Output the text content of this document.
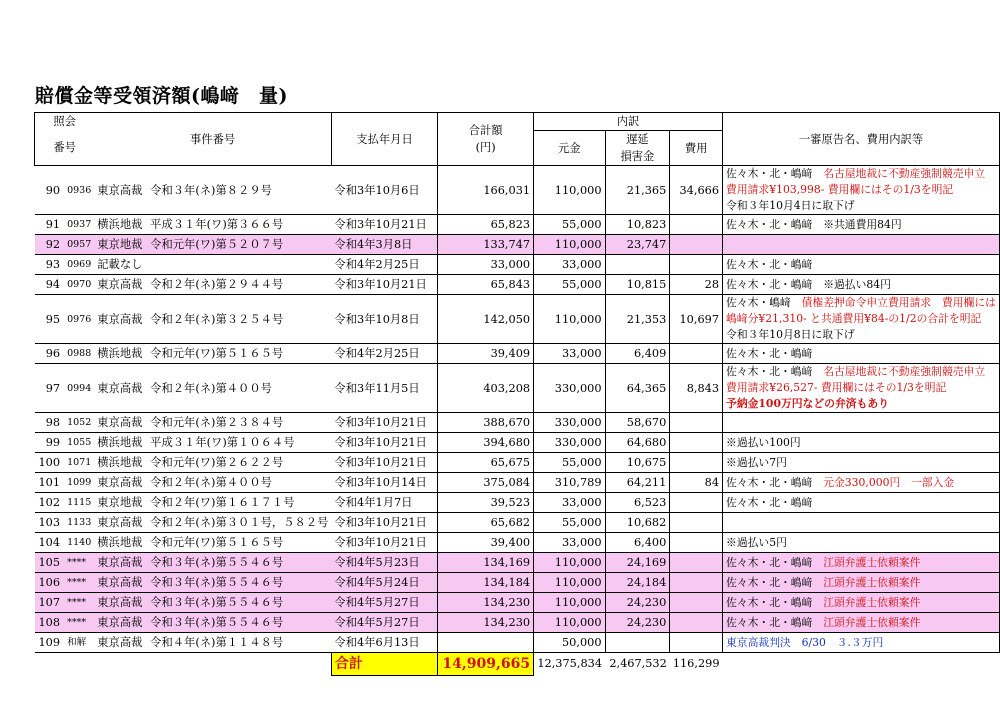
賠償金等受領済額(嶋﨑　量)
照会		事件番号		支払年月日	合計額
(円)	内訳			一審原告名、費用内訳等
番号						元金	遅延	費用	
							損害金		
90	0936	東京高裁	令和３年(ネ)第８２９号	令和3年10月6日	166,031	110,000	21,365	34,666	佐々木・北・嶋﨑　名古屋地裁に不動産強制競売申立
費用請求¥103,998- 費用欄にはその1/3を明記
令和３年10月4日に取下げ

91	0937	横浜地裁	平成３１年(ワ)第３６６号	令和3年10月21日	65,823	55,000	10,823		佐々木・北・嶋﨑　※共通費用84円

92	0957	東京地裁	令和元年(ワ)第５２０７号	令和4年3月8日	133,747	110,000	23,747		

93	0969	記載なし		令和4年2月25日	33,000	33,000			佐々木・北・嶋﨑

94	0970	東京高裁	令和２年(ネ)第２９４４号	令和3年10月21日	65,843	55,000	10,815	28	佐々木・北・嶋﨑　※過払い84円

95	0976	東京高裁	令和２年(ネ)第３２５４号	令和3年10月8日	142,050	110,000	21,353	10,697	佐々木・嶋﨑　債権差押命令申立費用請求　費用欄には
嶋﨑分¥21,310- と共通費用¥84-の1/2の合計を明記
令和３年10月8日に取下げ

96	0988	横浜地裁	令和元年(ワ)第５１６５号	令和4年2月25日	39,409	33,000	6,409		佐々木・北・嶋﨑

97	0994	東京高裁	令和２年(ネ)第４００号	令和3年11月5日	403,208	330,000	64,365	8,843	佐々木・北・嶋﨑　名古屋地裁に不動産強制競売申立
費用請求¥26,527- 費用欄にはその1/3を明記
予納金100万円などの弁済もあり

98	1052	東京高裁	令和元年(ネ)第２３８４号	令和3年10月21日	388,670	330,000	58,670		

99	1055	横浜地裁	平成３１年(ワ)第１０６４号	令和3年10月21日	394,680	330,000	64,680		※過払い100円

100	1071	横浜地裁	令和元年(ワ)第２６２２号	令和3年10月21日	65,675	55,000	10,675		※過払い7円

101	1099	東京高裁	令和２年(ネ)第４００号	令和3年10月14日	375,084	310,789	64,211	84	佐々木・北・嶋﨑　元金330,000円　一部入金

102	1115	東京地裁	令和２年(ワ)第１６１７１号	令和4年1月7日	39,523	33,000	6,523		佐々木・北・嶋﨑

103	1133	東京高裁	令和２年(ネ)第３０１号，５８２号	令和3年10月21日	65,682	55,000	10,682		

104	1140	横浜地裁	令和元年(ワ)第５１６５号	令和3年10月21日	39,400	33,000	6,400		※過払い5円

105	****	東京高裁	令和３年(ネ)第５５４６号	令和4年5月23日	134,169	110,000	24,169		佐々木・北・嶋﨑　江頭弁護士依頼案件

106	****	東京高裁	令和３年(ネ)第５５４６号	令和4年5月24日	134,184	110,000	24,184		佐々木・北・嶋﨑　江頭弁護士依頼案件

107	****	東京高裁	令和３年(ネ)第５５４６号	令和4年5月27日	134,230	110,000	24,230		佐々木・北・嶋﨑　江頭弁護士依頼案件

108	****	東京高裁	令和３年(ネ)第５５４６号	令和4年5月27日	134,230	110,000	24,230		佐々木・北・嶋﨑　江頭弁護士依頼案件

109	和解	東京高裁	令和４年(ネ)第１１４８号	令和4年6月13日		50,000			東京高裁判決　6/30　３.３万円

				合計	14,909,665	12,375,834	2,467,532	116,299	
